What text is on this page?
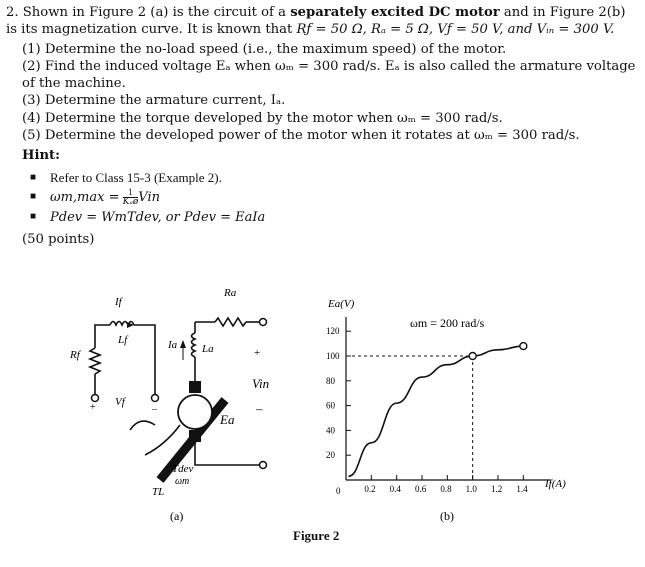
2. Shown in Figure 2 (a) is the circuit of a separately excited DC motor and in Figure 2(b) is its magnetization curve. It is known that Rƒ = 50 Ω, Rₐ = 5 Ω, Vƒ = 50 V, and Vᵢₙ = 300 V.

(1) Determine the no-load speed (i.e., the maximum speed) of the motor.
(2) Find the induced voltage Eₐ when ωₘ = 300 rad/s. Eₐ is also called the armature voltage of the machine.
(3) Determine the armature current, Iₐ.
(4) Determine the torque developed by the motor when ωₘ = 300 rad/s.
(5) Determine the developed power of the motor when it rotates at ωₘ = 300 rad/s.
Hint:
■ Refer to Class 15-3 (Example 2).
■ $\omega m,\max = \frac{1}{\text{Kₐø}}$ Vin
■ Pdev = WmTdev, or Pdev = EaIa
(50 points)
If
Lf
Rf
Vf
+	–
Ia La
Ra
+
Vin
–
Ea
Tdev
ωm
TL
(a)
Ea(V)
If(A)
ωm = 200 rad/s
0
(b)
0.2 0.4 0.6 0.8 1.0 1.2 1.4
20
40
60
80
100
120
Figure 2
